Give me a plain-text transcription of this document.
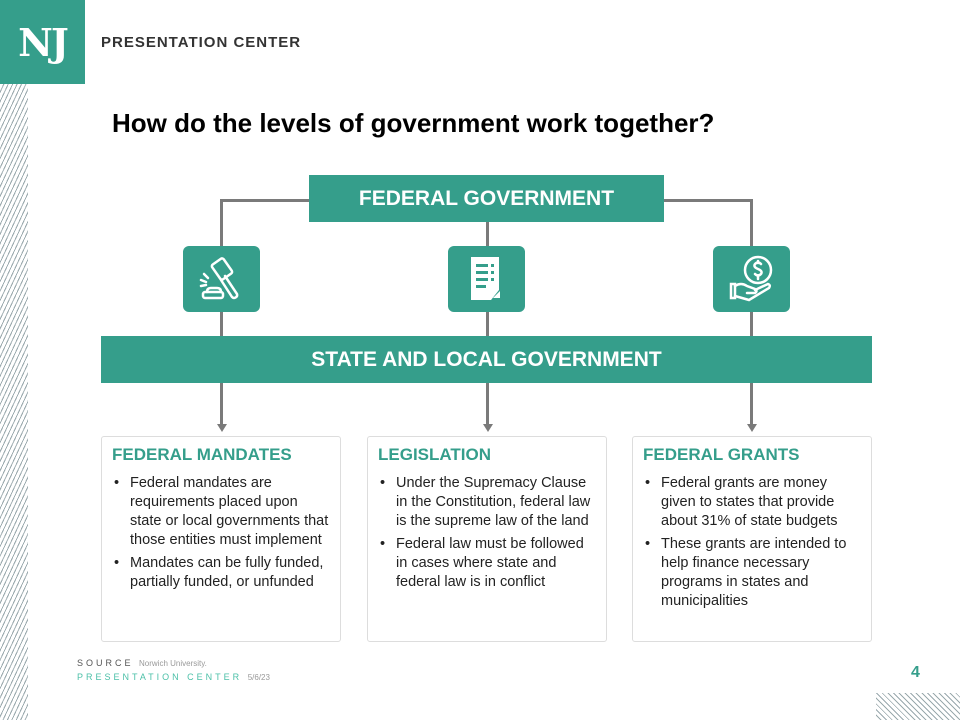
NJ	PRESENTATION CENTER
How do the levels of government work together?
FEDERAL GOVERNMENT
STATE AND LOCAL GOVERNMENT
FEDERAL MANDATES
• Federal mandates are requirements placed upon state or local governments that those entities must implement
• Mandates can be fully funded, partially funded, or unfunded
LEGISLATION
• Under the Supremacy Clause in the Constitution, federal law is the supreme law of the land
• Federal law must be followed in cases where state and federal law is in conflict
FEDERAL GRANTS
• Federal grants are money given to states that provide about 31% of state budgets
• These grants are intended to help finance necessary programs in states and municipalities
SOURCE Norwich University.
PRESENTATION CENTER 5/6/23	4
